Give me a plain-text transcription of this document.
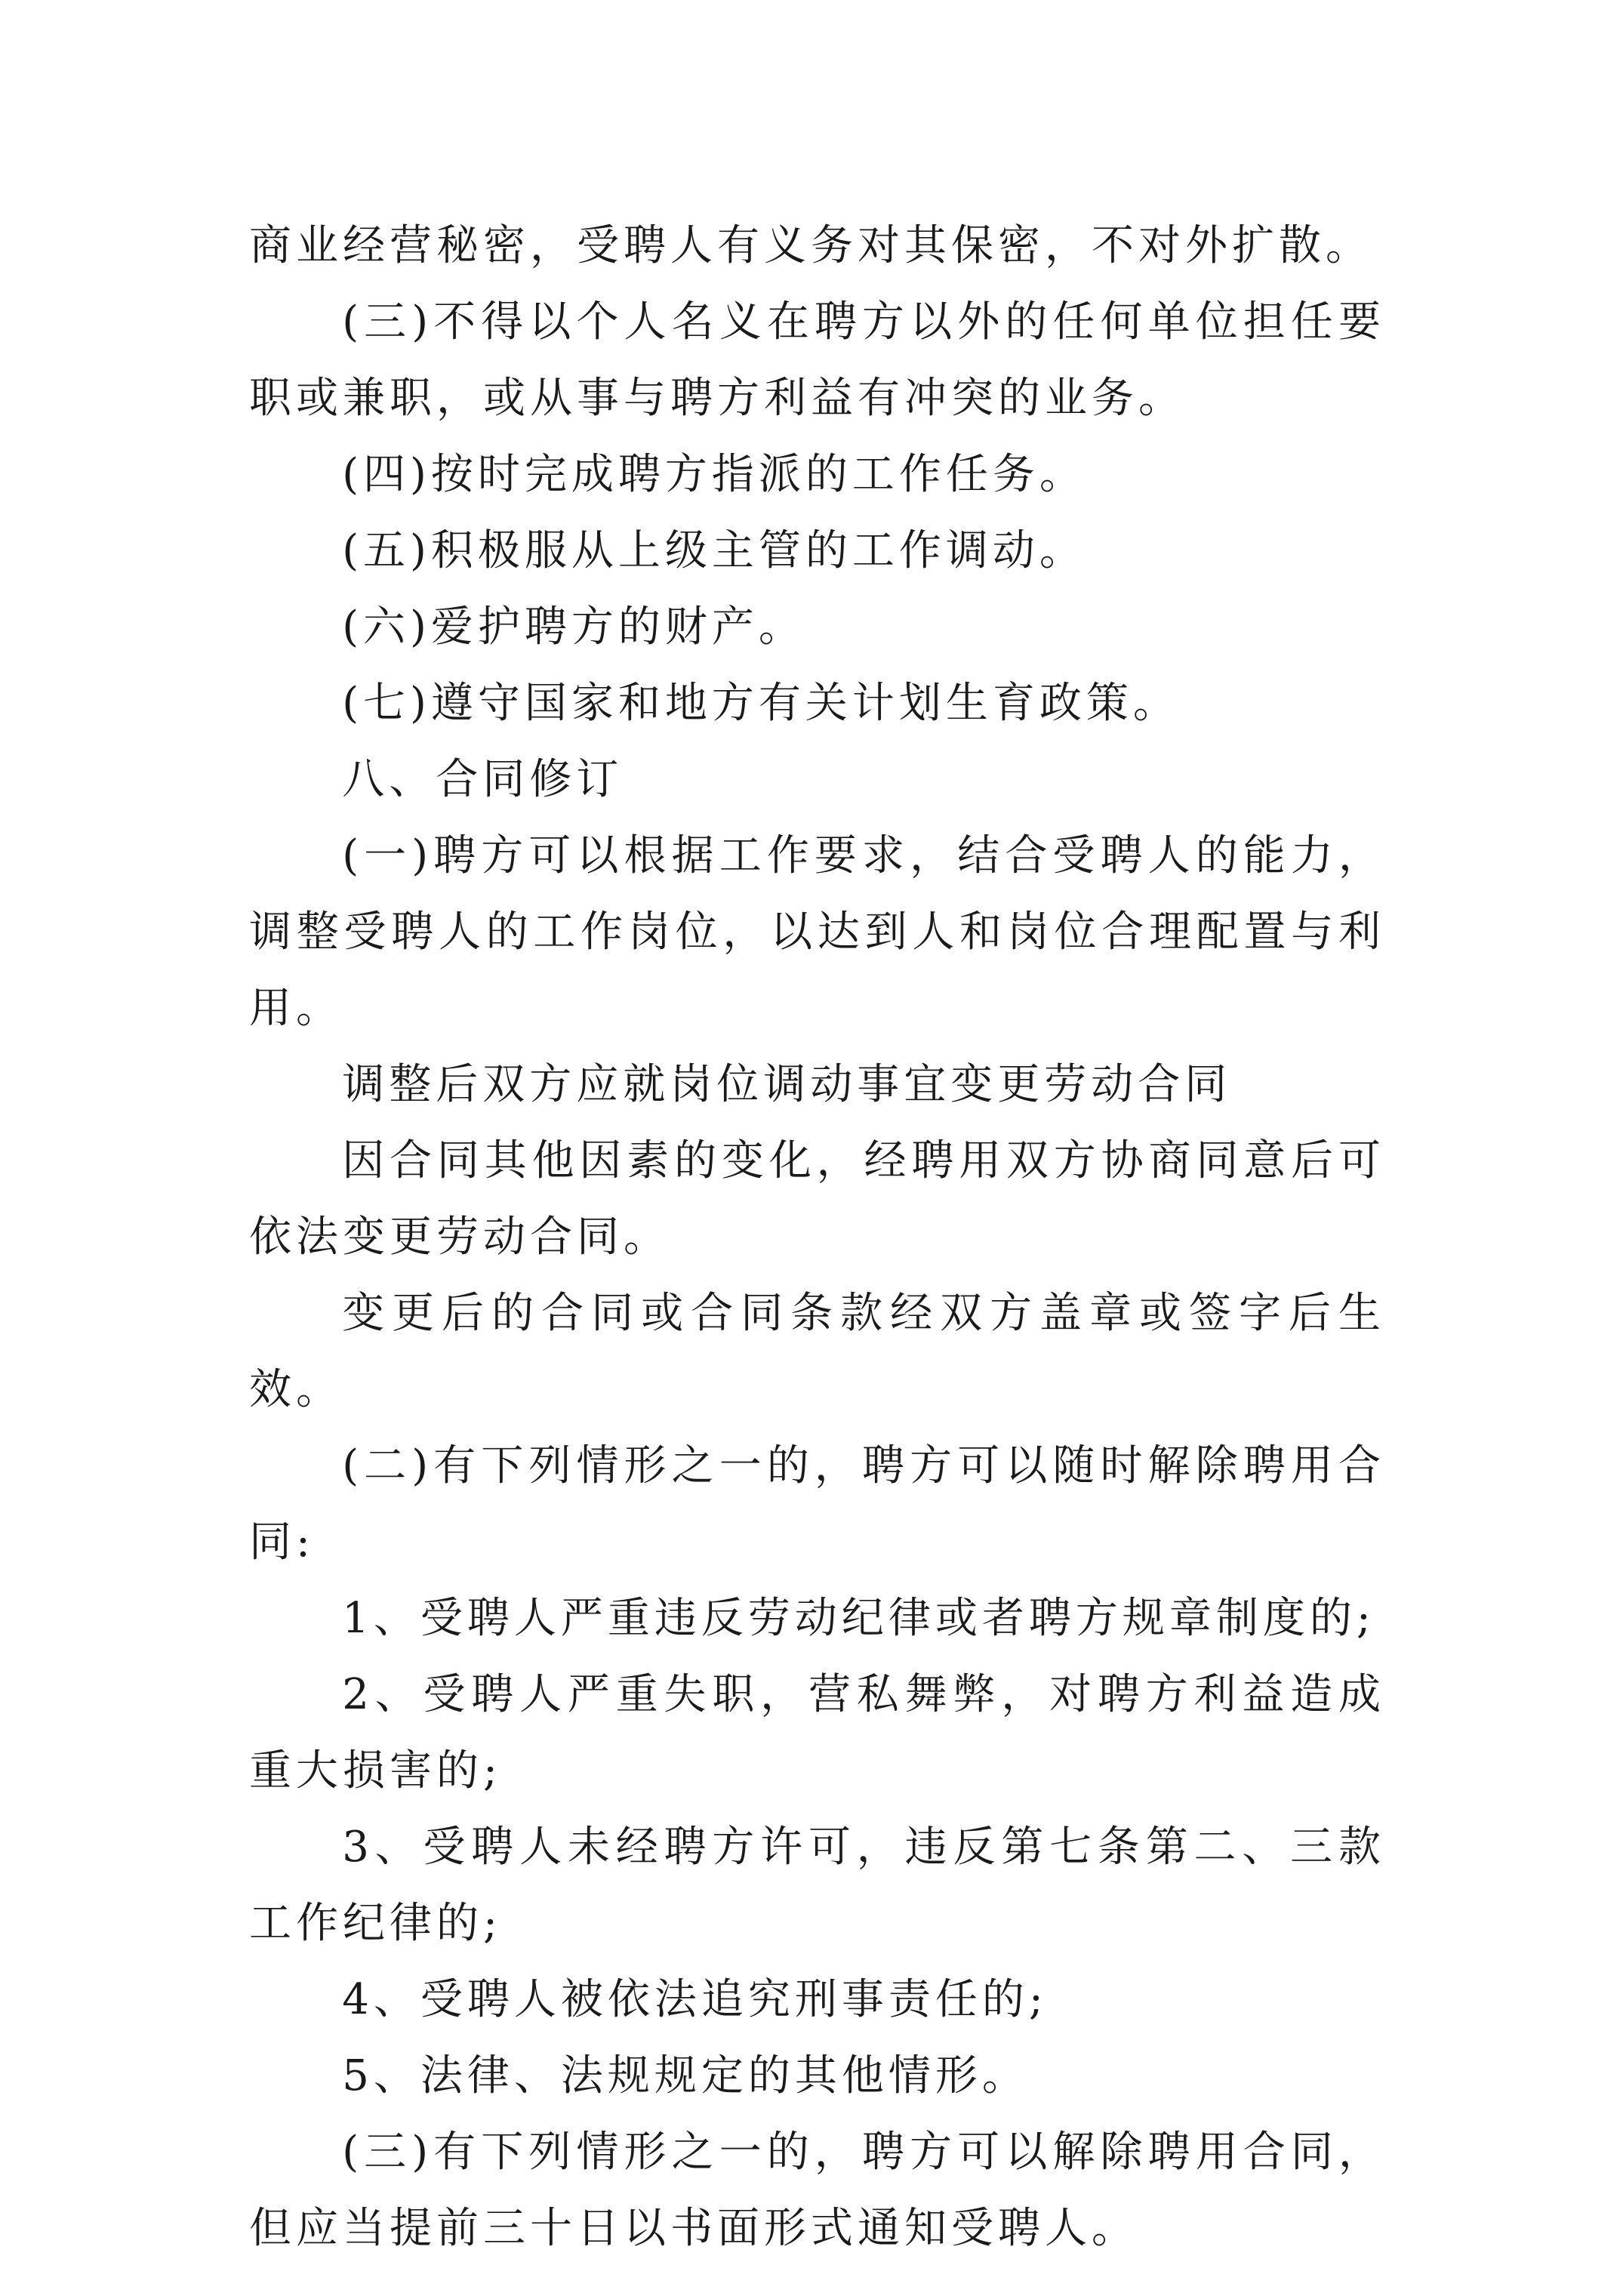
商业经营秘密，受聘人有义务对其保密，不对外扩散。

(三)不得以个人名义在聘方以外的任何单位担任要职或兼职，或从事与聘方利益有冲突的业务。

(四)按时完成聘方指派的工作任务。

(五)积极服从上级主管的工作调动。

(六)爱护聘方的财产。

(七)遵守国家和地方有关计划生育政策。

八、合同修订

(一)聘方可以根据工作要求，结合受聘人的能力，调整受聘人的工作岗位，以达到人和岗位合理配置与利用。

调整后双方应就岗位调动事宜变更劳动合同

因合同其他因素的变化，经聘用双方协商同意后可依法变更劳动合同。

变更后的合同或合同条款经双方盖章或签字后生效。

(二)有下列情形之一的，聘方可以随时解除聘用合同:

1、受聘人严重违反劳动纪律或者聘方规章制度的;

2、受聘人严重失职，营私舞弊，对聘方利益造成重大损害的;

3、受聘人未经聘方许可，违反第七条第二、三款工作纪律的;

4、受聘人被依法追究刑事责任的;

5、法律、法规规定的其他情形。

(三)有下列情形之一的，聘方可以解除聘用合同，但应当提前三十日以书面形式通知受聘人。
